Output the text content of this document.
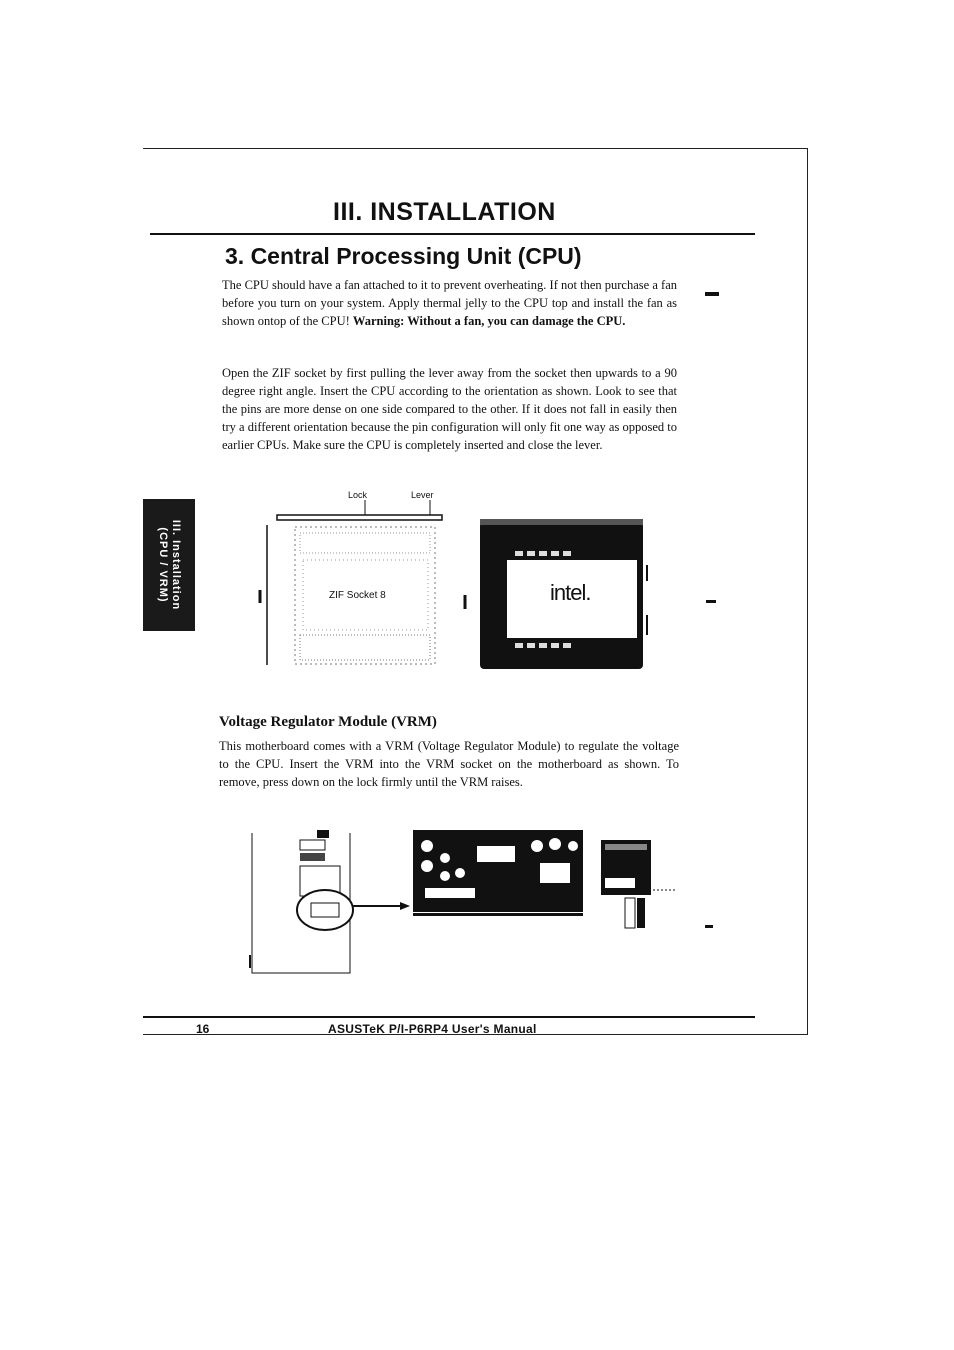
III. Installation
(CPU / VRM)
III. INSTALLATION
3. Central Processing Unit (CPU)

The CPU should have a fan attached to it to prevent overheating. If not then purchase a fan before you turn on your system. Apply thermal jelly to the CPU top and install the fan as shown ontop of the CPU! Warning: Without a fan, you can damage the CPU.

Open the ZIF socket by first pulling the lever away from the socket then upwards to a 90 degree right angle. Insert the CPU according to the orientation as shown. Look to see that the pins are more dense on one side compared to the other. If it does not fall in easily then try a different orientation because the pin configuration will only fit one way as opposed to earlier CPUs. Make sure the CPU is completely inserted and close the lever.

Lock	Lever
ZIF Socket 8	intel.
Voltage Regulator Module (VRM)

This motherboard comes with a VRM (Voltage Regulator Module) to regulate the voltage to the CPU. Insert the VRM into the VRM socket on the motherboard as shown. To remove, press down on the lock firmly until the VRM raises.

16	ASUSTeK P/I-P6RP4 User's Manual
